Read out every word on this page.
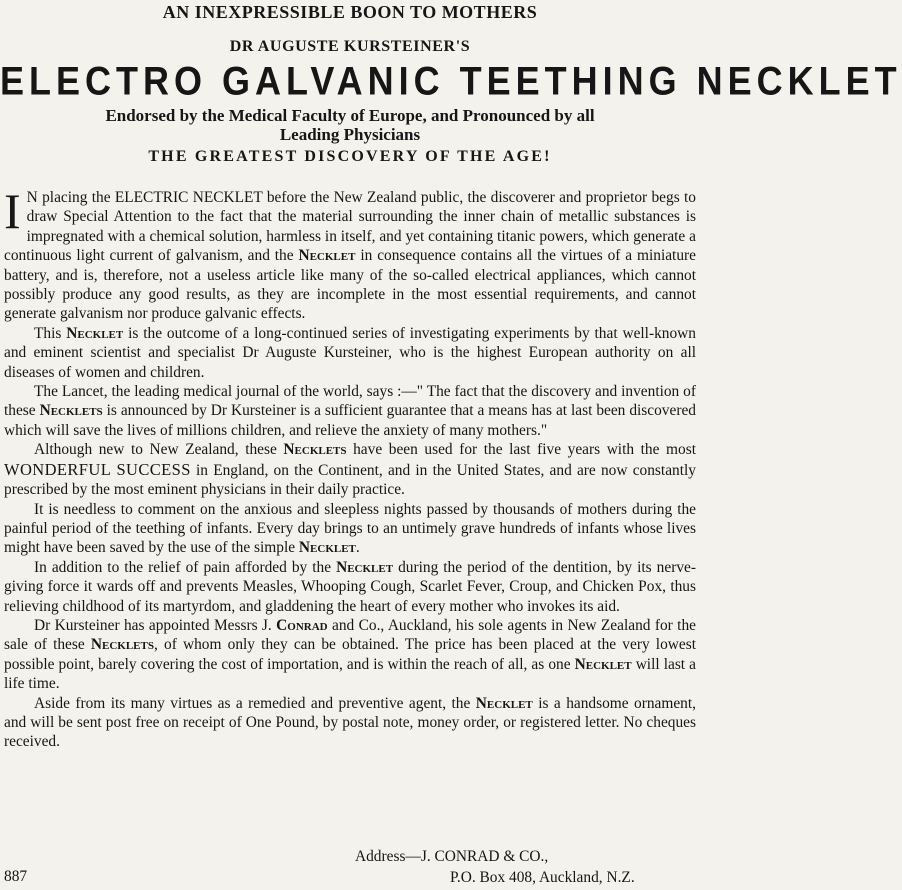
AN INEXPRESSIBLE BOON TO MOTHERS
DR AUGUSTE KURSTEINER'S
ELECTRO GALVANIC TEETHING NECKLET
Endorsed by the Medical Faculty of Europe, and Pronounced by all Leading Physicians
THE GREATEST DISCOVERY OF THE AGE!

I N placing the ELECTRIC NECKLET before the New Zealand public, the discoverer and proprietor begs to draw Special Attention to the fact that the material surrounding the inner chain of metallic substances is impregnated with a chemical solution, harmless in itself, and yet containing titanic powers, which generate a continuous light current of galvanism, and the Necklet in consequence contains all the virtues of a miniature battery, and is, therefore, not a useless article like many of the so-called electrical appliances, which cannot possibly produce any good results, as they are incomplete in the most essential requirements, and cannot generate galvanism nor produce galvanic effects.

This Necklet is the outcome of a long-continued series of investigating experiments by that well-known and eminent scientist and specialist Dr Auguste Kursteiner, who is the highest European authority on all diseases of women and children.

The Lancet, the leading medical journal of the world, says :—" The fact that the discovery and invention of these Necklets is announced by Dr Kursteiner is a sufficient guarantee that a means has at last been discovered which will save the lives of millions children, and relieve the anxiety of many mothers."

Although new to New Zealand, these Necklets have been used for the last five years with the most WONDERFUL SUCCESS in England, on the Continent, and in the United States, and are now constantly prescribed by the most eminent physicians in their daily practice.

It is needless to comment on the anxious and sleepless nights passed by thousands of mothers during the painful period of the teething of infants. Every day brings to an untimely grave hundreds of infants whose lives might have been saved by the use of the simple Necklet.

In addition to the relief of pain afforded by the Necklet during the period of the dentition, by its nerve-giving force it wards off and prevents Measles, Whooping Cough, Scarlet Fever, Croup, and Chicken Pox, thus relieving childhood of its martyrdom, and gladdening the heart of every mother who invokes its aid.

Dr Kursteiner has appointed Messrs J. Conrad and Co., Auckland, his sole agents in New Zealand for the sale of these Necklets, of whom only they can be obtained. The price has been placed at the very lowest possible point, barely covering the cost of importation, and is within the reach of all, as one Necklet will last a life time.

Aside from its many virtues as a remedied and preventive agent, the Necklet is a handsome ornament, and will be sent post free on receipt of One Pound, by postal note, money order, or registered letter. No cheques received.

Address—J. CONRAD & CO.,
887	P.O. Box 408, Auckland, N.Z.
